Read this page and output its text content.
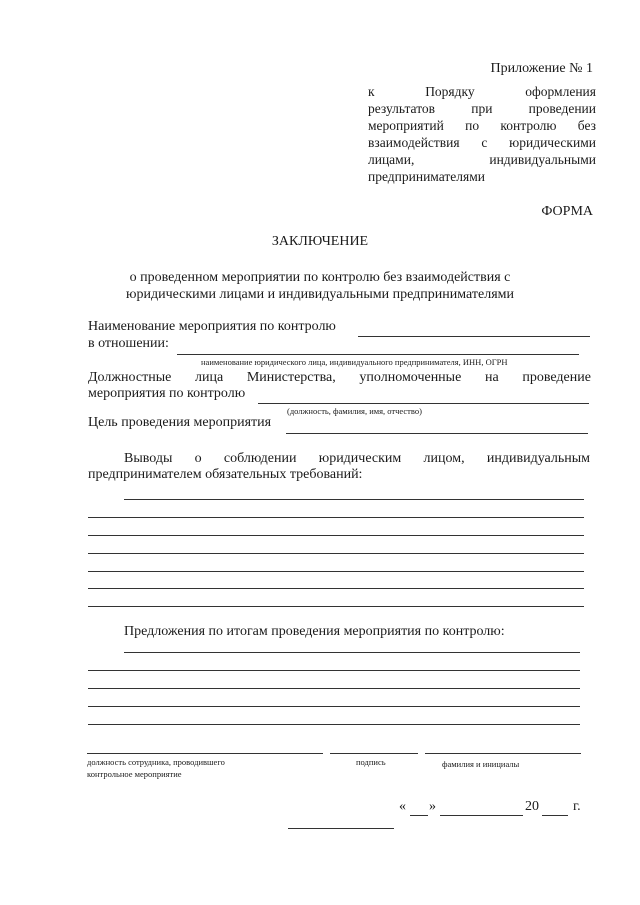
Приложение № 1
к	Порядку	оформления
результатов	при	проведении
мероприятий по контролю без
взаимодействия с юридическими
лицами,	индивидуальными
предпринимателями
ФОРМА
ЗАКЛЮЧЕНИЕ
о проведенном мероприятии по контролю без взаимодействия с
юридическими лицами и индивидуальными предпринимателями
Наименование мероприятия по контролю
в отношении:
наименование юридического лица, индивидуального предпринимателя, ИНН, ОГРН
Должностные лица Министерства, уполномоченные на проведение
мероприятия по контролю
(должность, фамилия, имя, отчество)
Цель проведения мероприятия
Выводы о соблюдении юридическим лицом, индивидуальным
предпринимателем обязательных требований:
Предложения по итогам проведения мероприятия по контролю:
должность сотрудника, проводившего
контрольное мероприятие
подпись	фамилия и инициалы
« »	20 г.
